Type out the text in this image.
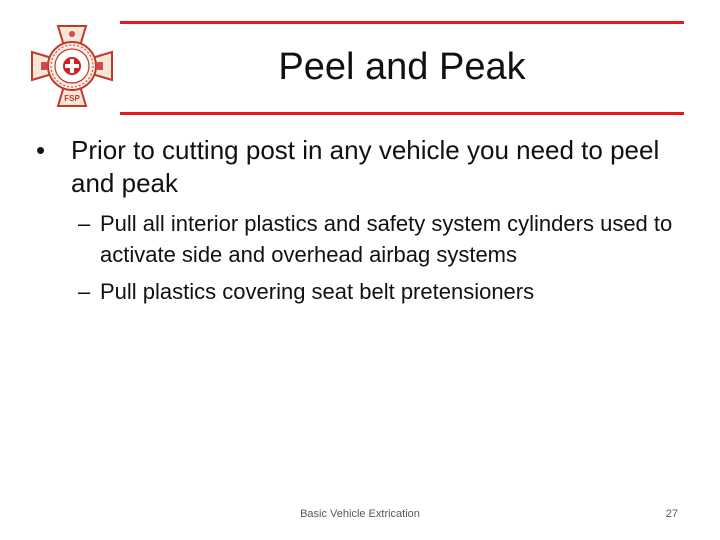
FSP
Peel and Peak

• Prior to cutting post in any vehicle you need to peel and peak

– Pull all interior plastics and safety system cylinders used to activate side and overhead airbag systems

– Pull plastics covering seat belt pretensioners

Basic Vehicle Extrication	27
